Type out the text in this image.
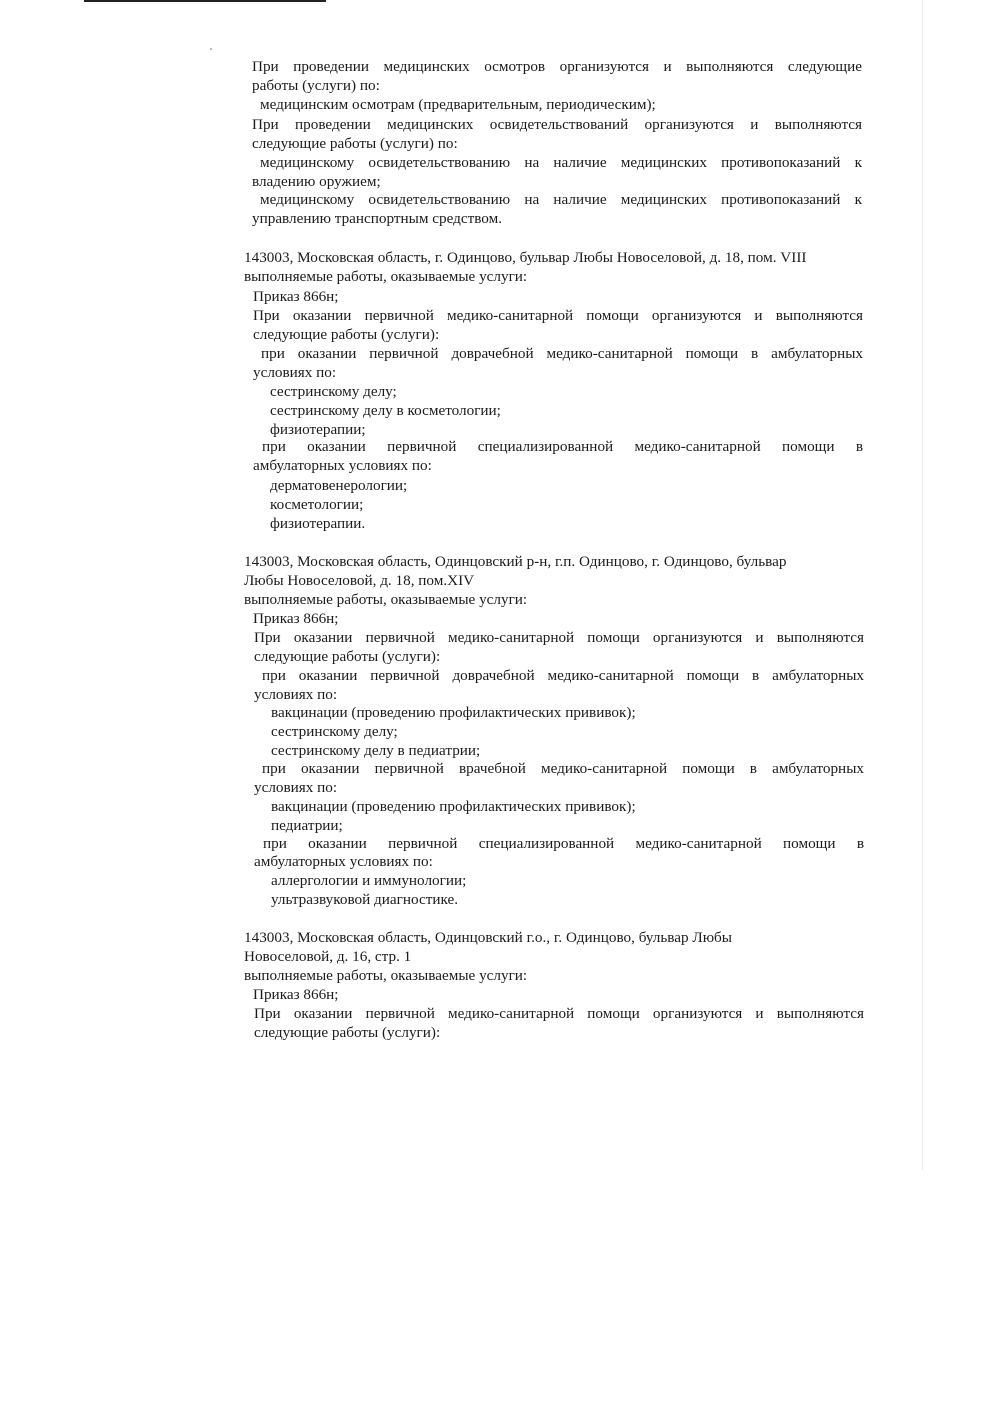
При проведении медицинских осмотров организуются и выполняются следующие
работы (услуги) по:
медицинским осмотрам (предварительным, периодическим);
При проведении медицинских освидетельствований организуются и выполняются
следующие работы (услуги) по:
медицинскому освидетельствованию на наличие медицинских противопоказаний к
владению оружием;
медицинскому освидетельствованию на наличие медицинских противопоказаний к
управлению транспортным средством.
143003, Московская область, г. Одинцово, бульвар Любы Новоселовой, д. 18, пом. VIII
выполняемые работы, оказываемые услуги:
Приказ 866н;
При оказании первичной медико-санитарной помощи организуются и выполняются
следующие работы (услуги):
при оказании первичной доврачебной медико-санитарной помощи в амбулаторных
условиях по:
сестринскому делу;
сестринскому делу в косметологии;
физиотерапии;
при оказании первичной специализированной медико-санитарной помощи в
амбулаторных условиях по:
дерматовенерологии;
косметологии;
физиотерапии.
143003, Московская область, Одинцовский р-н, г.п. Одинцово, г. Одинцово, бульвар
Любы Новоселовой, д. 18, пом.XIV
выполняемые работы, оказываемые услуги:
Приказ 866н;
При оказании первичной медико-санитарной помощи организуются и выполняются
следующие работы (услуги):
при оказании первичной доврачебной медико-санитарной помощи в амбулаторных
условиях по:
вакцинации (проведению профилактических прививок);
сестринскому делу;
сестринскому делу в педиатрии;
при оказании первичной врачебной медико-санитарной помощи в амбулаторных
условиях по:
вакцинации (проведению профилактических прививок);
педиатрии;
при оказании первичной специализированной медико-санитарной помощи в
амбулаторных условиях по:
аллергологии и иммунологии;
ультразвуковой диагностике.
143003, Московская область, Одинцовский г.о., г. Одинцово, бульвар Любы
Новоселовой, д. 16, стр. 1
выполняемые работы, оказываемые услуги:
Приказ 866н;
При оказании первичной медико-санитарной помощи организуются и выполняются
следующие работы (услуги):
